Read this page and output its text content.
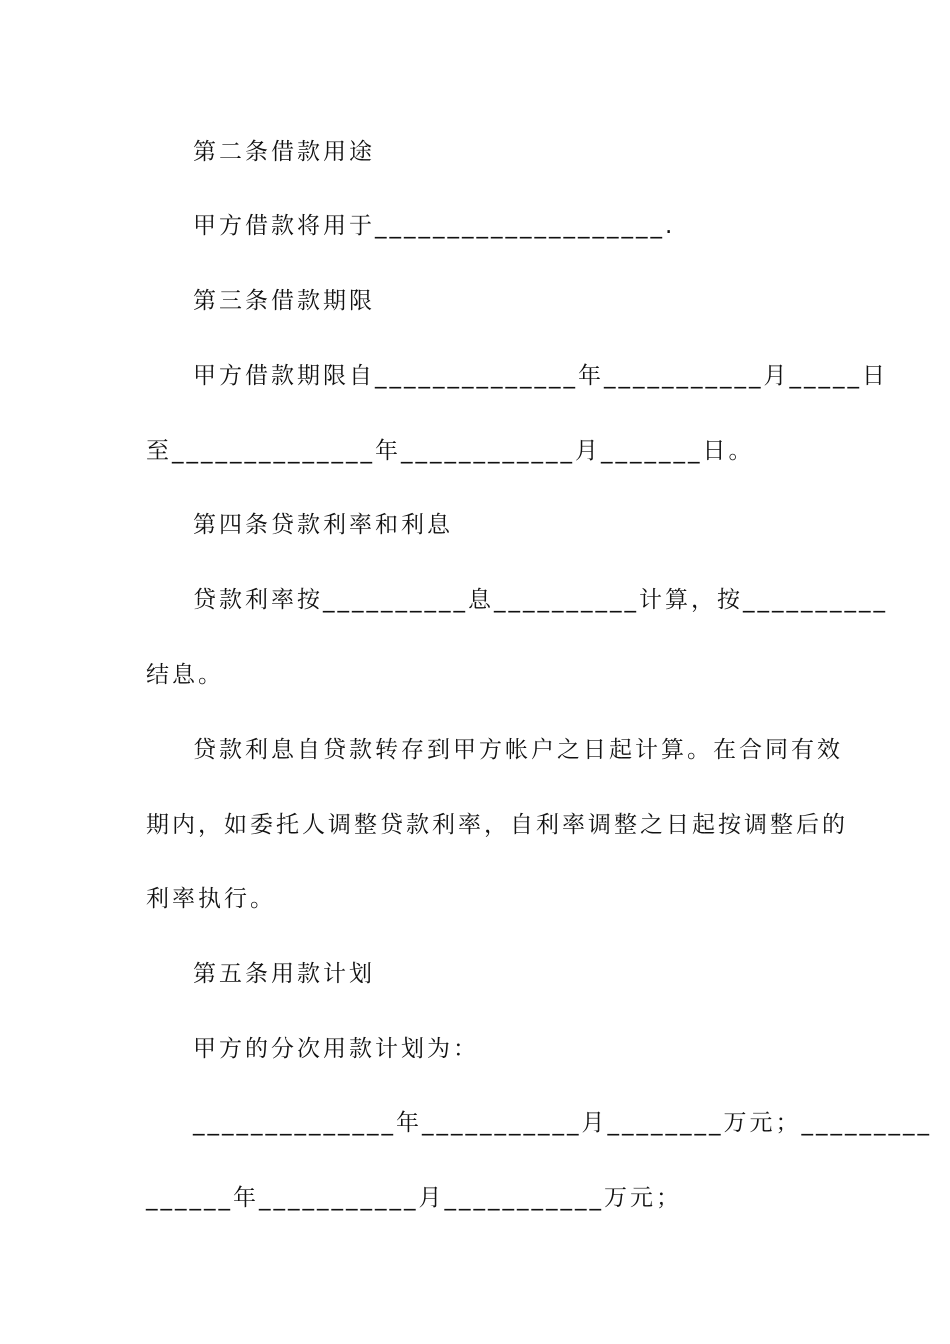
第二条借款用途
甲方借款将用于____________________.
第三条借款期限
甲方借款期限自______________年___________月_____日
至______________年____________月_______日。
第四条贷款利率和利息
贷款利率按__________息__________计算，按__________
结息。
贷款利息自贷款转存到甲方帐户之日起计算。在合同有效
期内，如委托人调整贷款利率，自利率调整之日起按调整后的
利率执行。
第五条用款计划
甲方的分次用款计划为：
______________年___________月________万元；_________
______年___________月___________万元；
